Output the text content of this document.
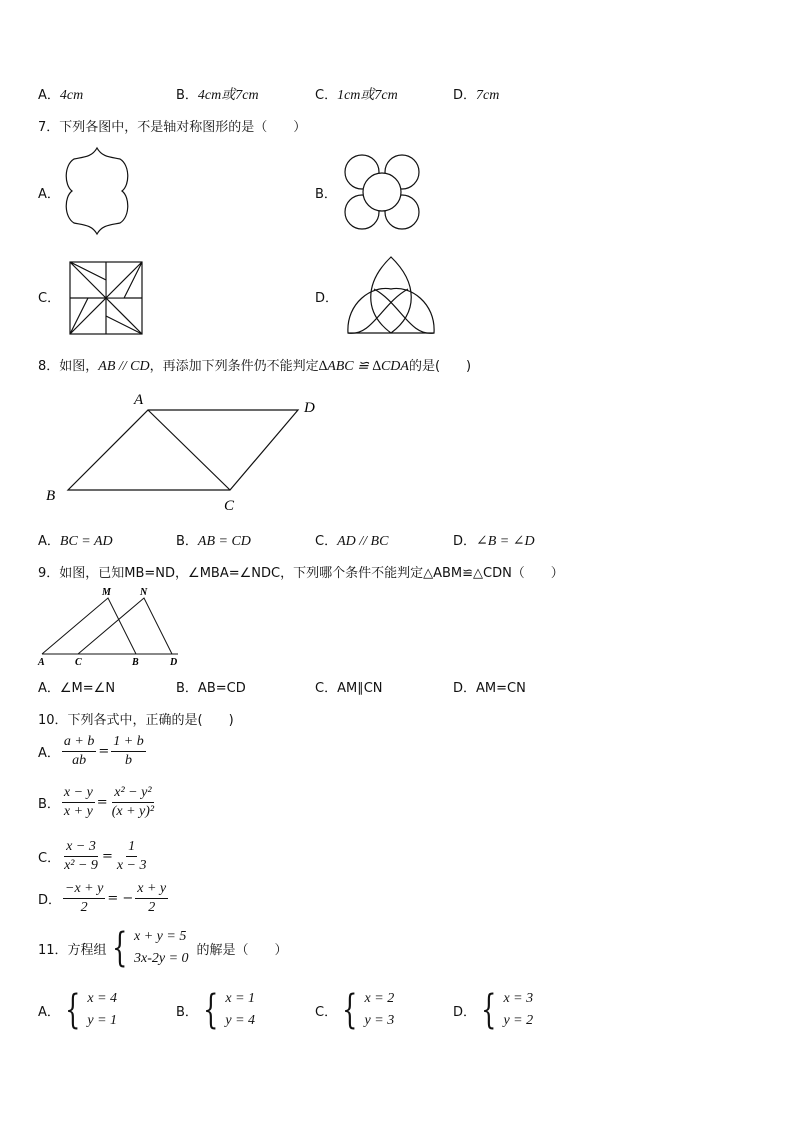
A．4cm	B．4cm或7cm	C．1cm或7cm	D．7cm
7．下列各图中，不是轴对称图形的是（　　）
A．	B．
C．	D．
8．如图，AB // CD，再添加下列条件仍不能判定∆ABC ≌ ∆CDA的是(　　)
A	D
B
C
A．BC = AD	B．AB = CD	C．AD // BC	D．∠B = ∠D
9．如图，已知MB=ND，∠MBA=∠NDC，下列哪个条件不能判定△ABM≌△CDN（　　）
M	N
A	C	B	D
A．∠M=∠N	B．AB=CD	C．AM∥CN	D．AM=CN
10．下列各式中，正确的是(　　)
A． $\frac{a + b}{ab} = \frac{1 + b}{b}$
B． $\frac{x - y}{x + y} = \frac{\text{x² − y²}}{\text{(x + y)²}}$
C． $\frac{x - 3}{\text{x² − 9}} = \frac{1}{x - 3}$
D． $\frac{-x + y}{2}$ = − $\frac{x + y}{2}$
11．方程组 { x + y = 5
3x-2y = 0
的解是（　　）
A． { x = 4
y = 1
B． { x = 1
y = 4
C． { x = 2
y = 3
D． { x = 3
y = 2
